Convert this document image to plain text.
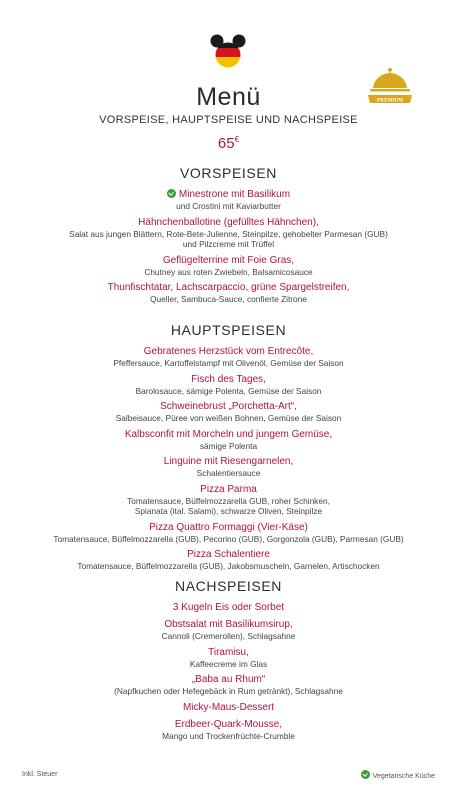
PREMIUM
Menü
VORSPEISE, HAUPTSPEISE UND NACHSPEISE
65€
VORSPEISEN
Minestrone mit Basilikum
und Crostini mit Kaviarbutter
Hähnchenballotine (gefülltes Hähnchen),
Salat aus jungen Blättern, Rote-Bete-Julienne, Steinpilze, gehobelter Parmesan (GUB)
und Pilzcreme mit Trüffel
Geflügelterrine mit Foie Gras,
Chutney aus roten Zwiebeln, Balsamicosauce
Thunfischtatar, Lachscarpaccio, grüne Spargelstreifen,
Queller, Sambuca-Sauce, confierte Zitrone
HAUPTSPEISEN
Gebratenes Herzstück vom Entrecôte,
Pfeffersauce, Kartoffelstampf mit Olivenöl, Gemüse der Saison
Fisch des Tages,
Barolosauce, sämige Polenta, Gemüse der Saison
Schweinebrust „Porchetta-Art“,
Salbeisauce, Püree von weißen Bohnen, Gemüse der Saison
Kalbsconfit mit Morcheln und jungem Gemüse,
sämige Polenta
Linguine mit Riesengarnelen,
Schalentiersauce
Pizza Parma
Tomatensauce, Büffelmozzarella GUB, roher Schinken,
Spianata (ital. Salami), schwarze Oliven, Steinpilze
Pizza Quattro Formaggi (Vier-Käse)
Tomatensauce, Büffelmozzarella (GUB), Pecorino (GUB), Gorgonzola (GUB), Parmesan (GUB)
Pizza Schalentiere
Tomatensauce, Büffelmozzarella (GUB), Jakobsmuscheln, Garnelen, Artischocken
NACHSPEISEN
3 Kugeln Eis oder Sorbet
Obstsalat mit Basilikumsirup,
Cannoli (Cremerollen), Schlagsahne
Tiramisu,
Kaffeecreme im Glas
„Baba au Rhum“
(Napfkuchen oder Hefegebäck in Rum getränkt), Schlagsahne
Micky-Maus-Dessert
Erdbeer-Quark-Mousse,
Mango und Trockenfrüchte-Crumble
Inkl. Steuer	Vegetarische Küche
